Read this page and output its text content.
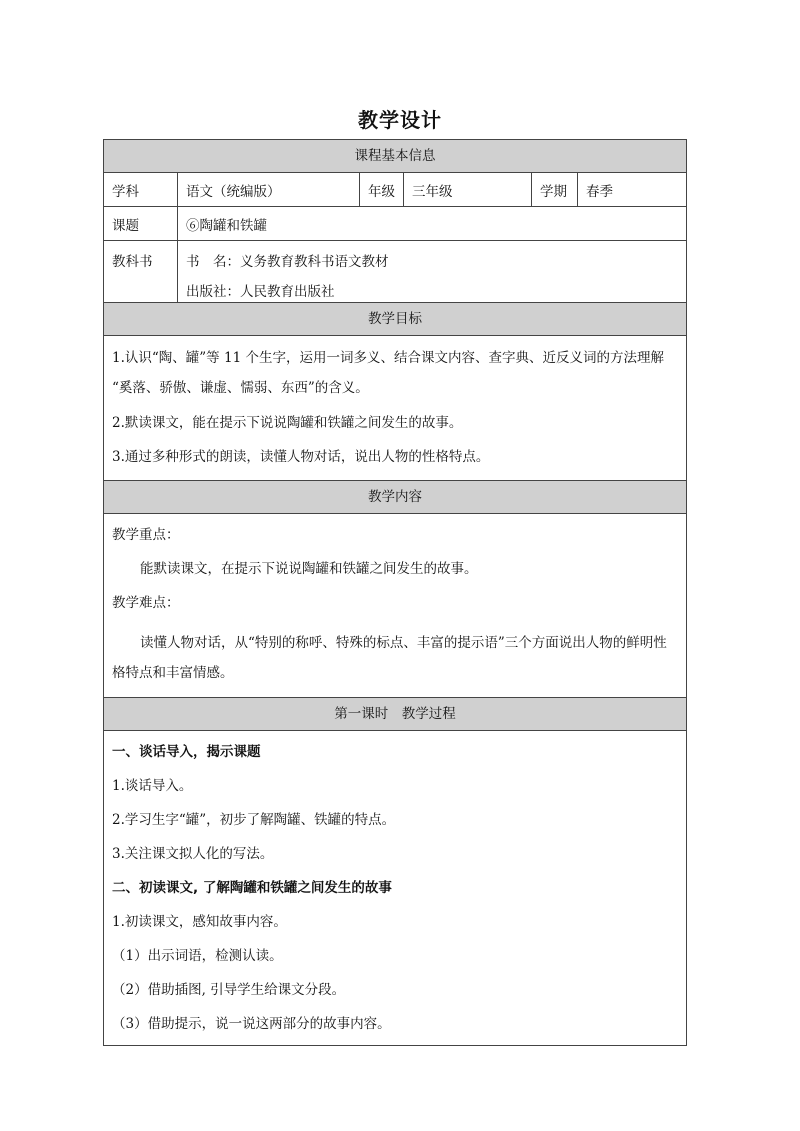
教学设计
课程基本信息
学科	语文（统编版）	年级	三年级	学期	春季
课题	⑥陶罐和铁罐
教科书	书　名：义务教育教科书语文教材
出版社：人民教育出版社
教学目标
1.认识“陶、罐”等 11 个生字，运用一词多义、结合课文内容、查字典、近反义词的方法理解 “奚落、骄傲、谦虚、懦弱、东西”的含义。
2.默读课文，能在提示下说说陶罐和铁罐之间发生的故事。
3.通过多种形式的朗读，读懂人物对话，说出人物的性格特点。
教学内容
教学重点：
能默读课文，在提示下说说陶罐和铁罐之间发生的故事。
教学难点：
读懂人物对话，从“特别的称呼、特殊的标点、丰富的提示语”三个方面说出人物的鲜明性格特点和丰富情感。
第一课时　教学过程
一、谈话导入，揭示课题
1.谈话导入。
2.学习生字“罐”，初步了解陶罐、铁罐的特点。
3.关注课文拟人化的写法。
二、初读课文, 了解陶罐和铁罐之间发生的故事
1.初读课文，感知故事内容。
（1）出示词语，检测认读。
（2）借助插图, 引导学生给课文分段。
（3）借助提示，说一说这两部分的故事内容。
